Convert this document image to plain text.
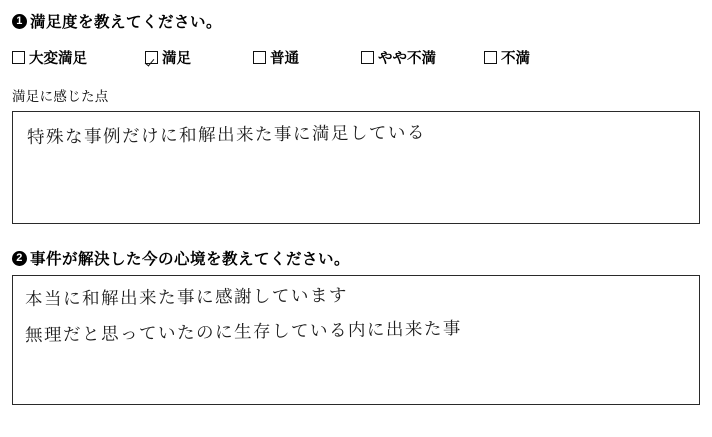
1 満足度を教えてください。
大変満足	満足	普通	やや不満	不満
満足に感じた点
特殊な事例だけに和解出来た事に満足している
2 事件が解決した今の心境を教えてください。
本当に和解出来た事に感謝しています
無理だと思っていたのに生存している内に出来た事
